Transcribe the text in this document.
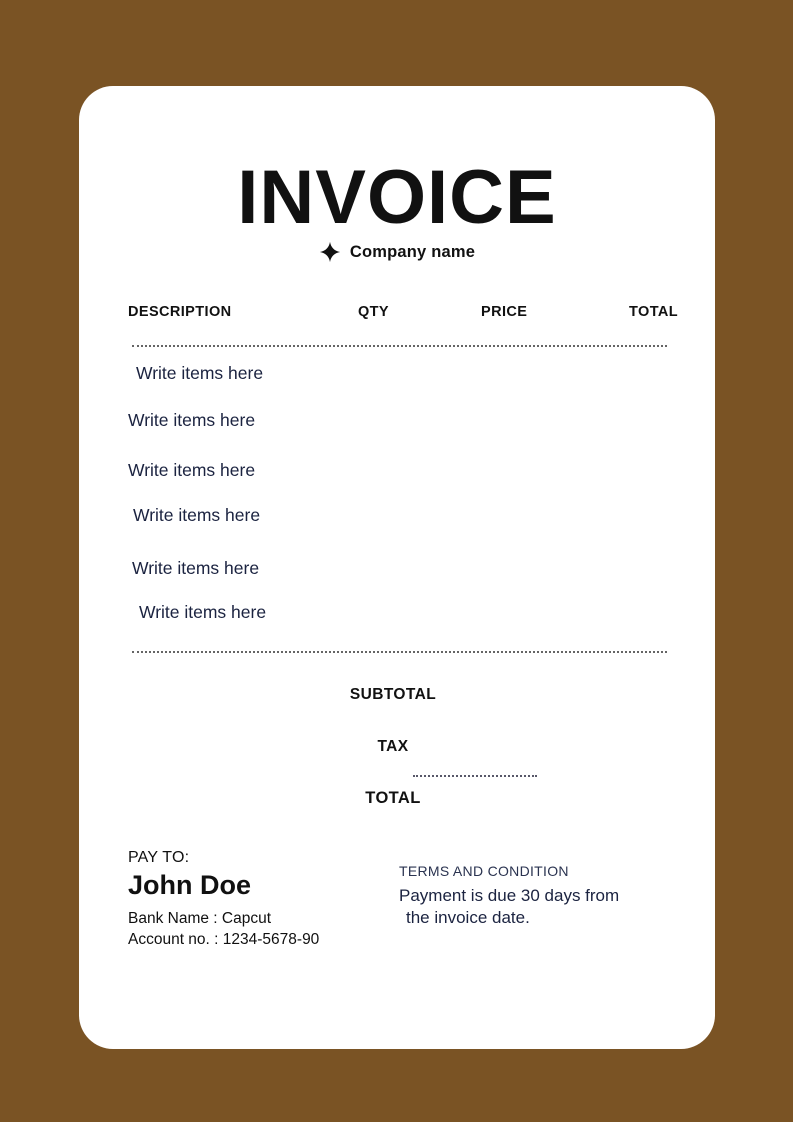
INVOICE
Company name
DESCRIPTION	QTY	PRICE	TOTAL
Write items here
Write items here
Write items here
Write items here
Write items here
Write items here
SUBTOTAL
TAX
TOTAL
PAY TO:
John Doe
Bank Name : Capcut
Account no. : 1234-5678-90
TERMS AND CONDITION
Payment is due 30 days from
the invoice date.
